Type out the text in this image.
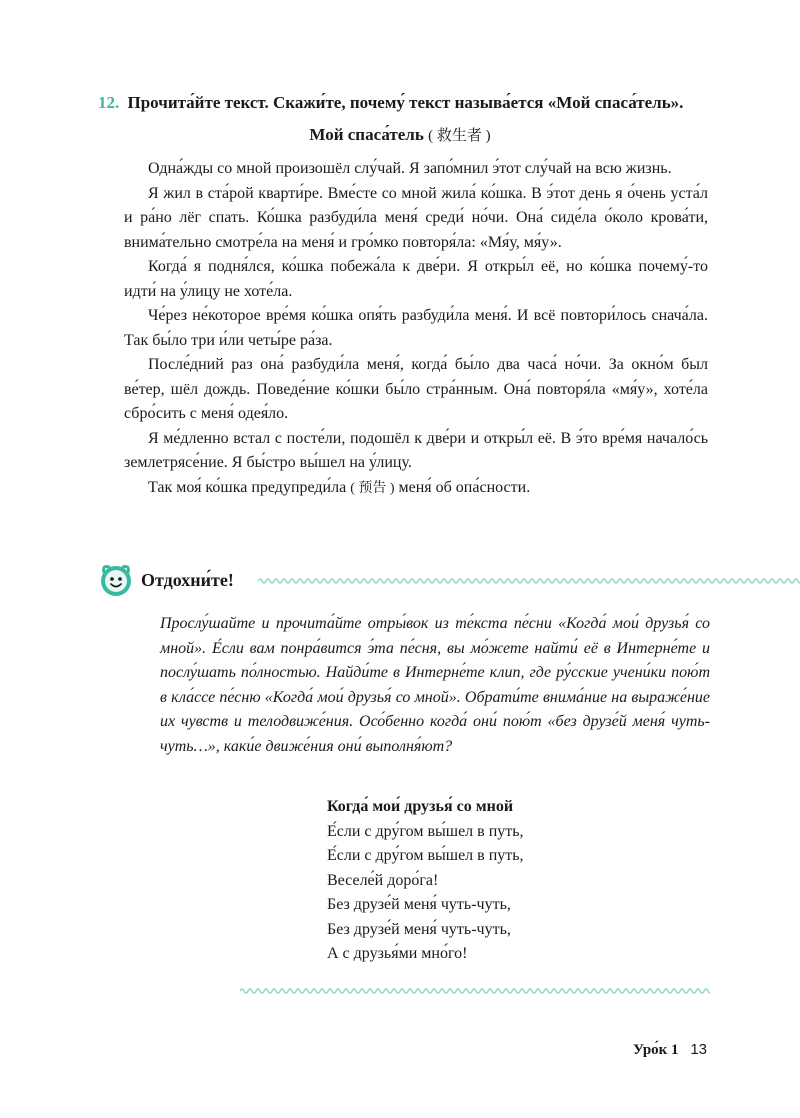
12. Прочита́йте текст. Скажи́те, почему́ текст называ́ется «Мой спаса́тель».
Мой спаса́тель ( 救生者 )

Одна́жды со мной произошёл слу́чай. Я запо́мнил э́тот слу́чай на всю жизнь.

Я жил в ста́рой кварти́ре. Вме́сте со мной жила́ ко́шка. В э́тот день я о́чень уста́л и ра́но лёг спать. Ко́шка разбуди́ла меня́ среди́ но́чи. Она́ сиде́ла о́коло крова́ти, внима́тельно смотре́ла на меня́ и гро́мко повторя́ла: «Мя́у, мя́у».

Когда́ я подня́лся, ко́шка побежа́ла к две́ри. Я откры́л её, но ко́шка почему́-то идти́ на у́лицу не хоте́ла.

Че́рез не́которое вре́мя ко́шка опя́ть разбуди́ла меня́. И всё повтори́лось снача́ла. Так бы́ло три и́ли четы́ре ра́за.

После́дний раз она́ разбуди́ла меня́, когда́ бы́ло два часа́ но́чи. За окно́м был ве́тер, шёл дождь. Поведе́ние ко́шки бы́ло стра́нным. Она́ повторя́ла «мя́у», хоте́ла сбро́сить с меня́ одея́ло.

Я ме́дленно встал с посте́ли, подошёл к две́ри и откры́л её. В э́то вре́мя начало́сь землетрясе́ние. Я бы́стро вы́шел на у́лицу.

Так моя́ ко́шка предупреди́ла ( 预告 ) меня́ об опа́сности.

Отдохни́те!
Прослу́шайте и прочита́йте отры́вок из те́кста пе́сни «Когда́ мои́ друзья́ со мной». Е́сли вам понра́вится э́та пе́сня, вы мо́жете найти́ её в Интерне́те и послу́шать по́лностью. Найди́те в Интерне́те клип, где ру́сские учени́ки пою́т в кла́ссе пе́сню «Когда́ мои́ друзья́ со мной». Обрати́те внима́ние на выраже́ние их чувств и телодвиже́ния. Осо́бенно когда́ они́ пою́т «без друзе́й меня́ чуть-чуть…», каки́е движе́ния они́ выполня́ют?
Когда́ мои́ друзья́ со мной
Е́сли с дру́гом вы́шел в путь,
Е́сли с дру́гом вы́шел в путь,
Веселе́й доро́га!
Без друзе́й меня́ чуть-чуть,
Без друзе́й меня́ чуть-чуть,
А с друзья́ми мно́го!
Уро́к 1 13
